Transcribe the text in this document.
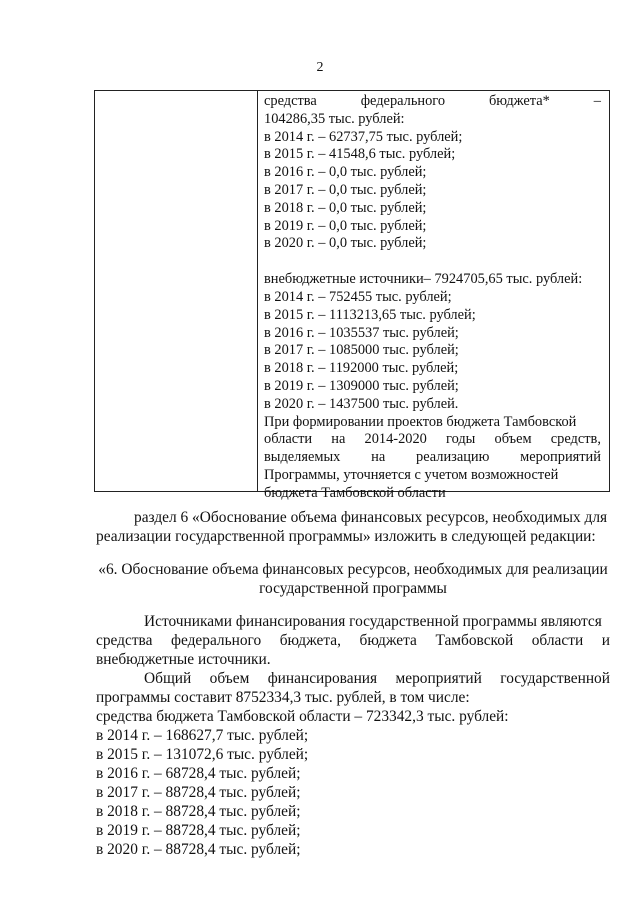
2
средства	федерального	бюджета*	–
104286,35 тыс. рублей:
в 2014 г. – 62737,75 тыс. рублей;
в 2015 г. – 41548,6 тыс. рублей;
в 2016 г. – 0,0 тыс. рублей;
в 2017 г. – 0,0 тыс. рублей;
в 2018 г. – 0,0 тыс. рублей;
в 2019 г. – 0,0 тыс. рублей;
в 2020 г. – 0,0 тыс. рублей;
внебюджетные источники– 7924705,65 тыс. рублей:
в 2014 г. – 752455 тыс. рублей;
в 2015 г. – 1113213,65 тыс. рублей;
в 2016 г. – 1035537 тыс. рублей;
в 2017 г. – 1085000 тыс. рублей;
в 2018 г. – 1192000 тыс. рублей;
в 2019 г. – 1309000 тыс. рублей;
в 2020 г. – 1437500 тыс. рублей.
При формировании проектов бюджета Тамбовской
области на 2014-2020 годы объем средств,
выделяемых на реализацию мероприятий
Программы, уточняется с учетом возможностей
бюджета Тамбовской области
раздел 6 «Обоснование объема финансовых ресурсов, необходимых для
реализации государственной программы» изложить в следующей редакции:
«6. Обоснование объема финансовых ресурсов, необходимых для реализации
государственной программы
Источниками финансирования государственной программы являются
средства федерального бюджета, бюджета Тамбовской области и
внебюджетные источники.
Общий объем финансирования мероприятий государственной
программы составит 8752334,3 тыс. рублей, в том числе:
средства бюджета Тамбовской области – 723342,3 тыс. рублей:
в 2014 г. – 168627,7 тыс. рублей;
в 2015 г. – 131072,6 тыс. рублей;
в 2016 г. – 68728,4 тыс. рублей;
в 2017 г. – 88728,4 тыс. рублей;
в 2018 г. – 88728,4 тыс. рублей;
в 2019 г. – 88728,4 тыс. рублей;
в 2020 г. – 88728,4 тыс. рублей;
